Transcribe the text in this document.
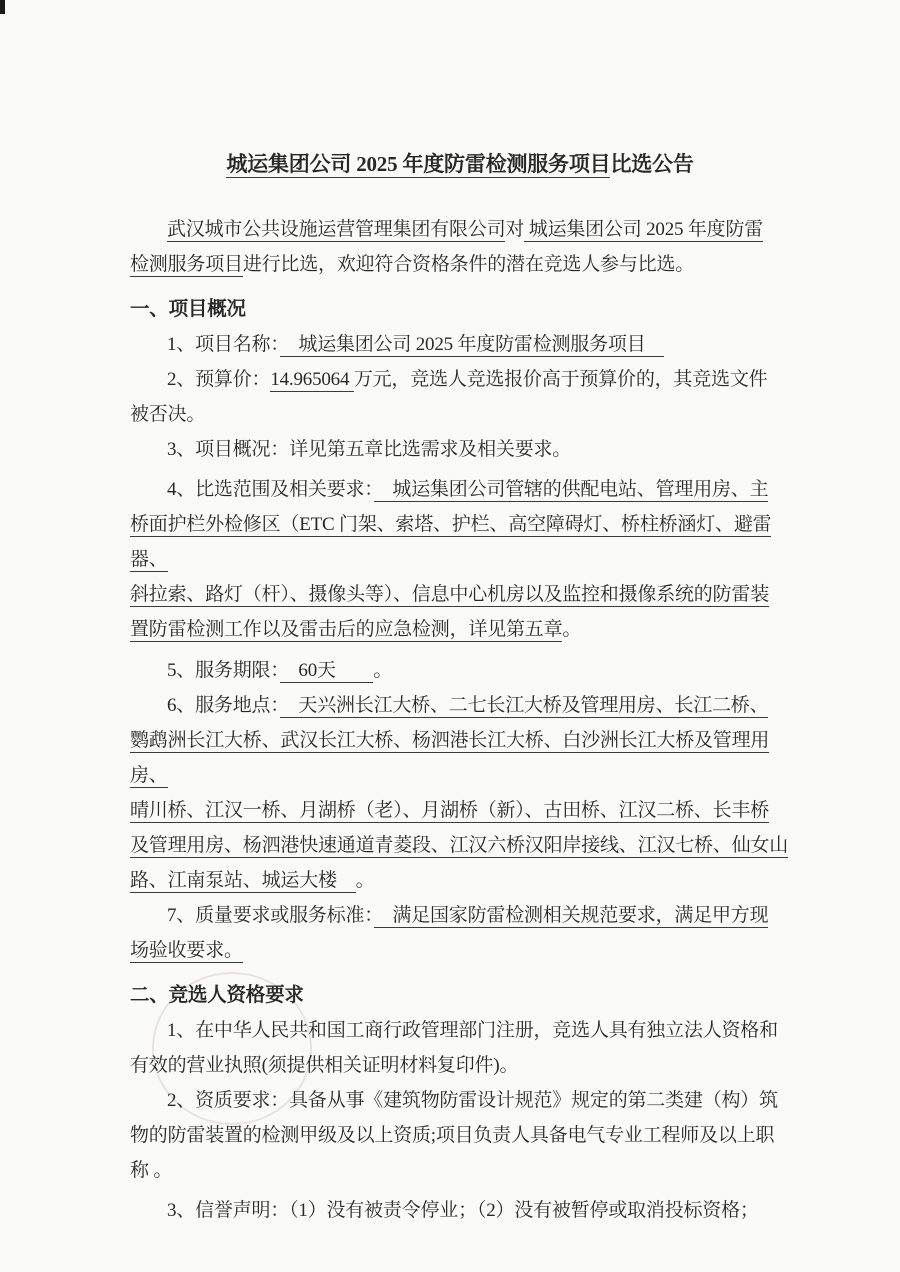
城运集团公司 2025 年度防雷检测服务项目比选公告
武汉城市公共设施运营管理集团有限公司对 城运集团公司 2025 年度防雷
检测服务项目进行比选，欢迎符合资格条件的潜在竞选人参与比选。
一、项目概况
1、项目名称：　城运集团公司 2025 年度防雷检测服务项目　
2、预算价：14.965064 万元，竞选人竞选报价高于预算价的，其竞选文件
被否决。
3、项目概况：详见第五章比选需求及相关要求。
4、比选范围及相关要求：　城运集团公司管辖的供配电站、管理用房、主
桥面护栏外检修区（ETC 门架、索塔、护栏、高空障碍灯、桥柱桥涵灯、避雷器、
斜拉索、路灯（杆）、摄像头等）、信息中心机房以及监控和摄像系统的防雷装
置防雷检测工作以及雷击后的应急检测，详见第五章。
5、服务期限：　60天　　。
6、服务地点：　天兴洲长江大桥、二七长江大桥及管理用房、长江二桥、
鹦鹉洲长江大桥、武汉长江大桥、杨泗港长江大桥、白沙洲长江大桥及管理用房、
晴川桥、江汉一桥、月湖桥（老）、月湖桥（新）、古田桥、江汉二桥、长丰桥
及管理用房、杨泗港快速通道青菱段、江汉六桥汉阳岸接线、江汉七桥、仙女山
路、江南泵站、城运大楼　。
7、质量要求或服务标准：　满足国家防雷检测相关规范要求，满足甲方现
场验收要求。
二、竞选人资格要求
1、在中华人民共和国工商行政管理部门注册，竞选人具有独立法人资格和
有效的营业执照(须提供相关证明材料复印件)。
2、资质要求：具备从事《建筑物防雷设计规范》规定的第二类建（构）筑
物的防雷装置的检测甲级及以上资质;项目负责人具备电气专业工程师及以上职
称 。
3、信誉声明：（1）没有被责令停业；（2）没有被暂停或取消投标资格；
